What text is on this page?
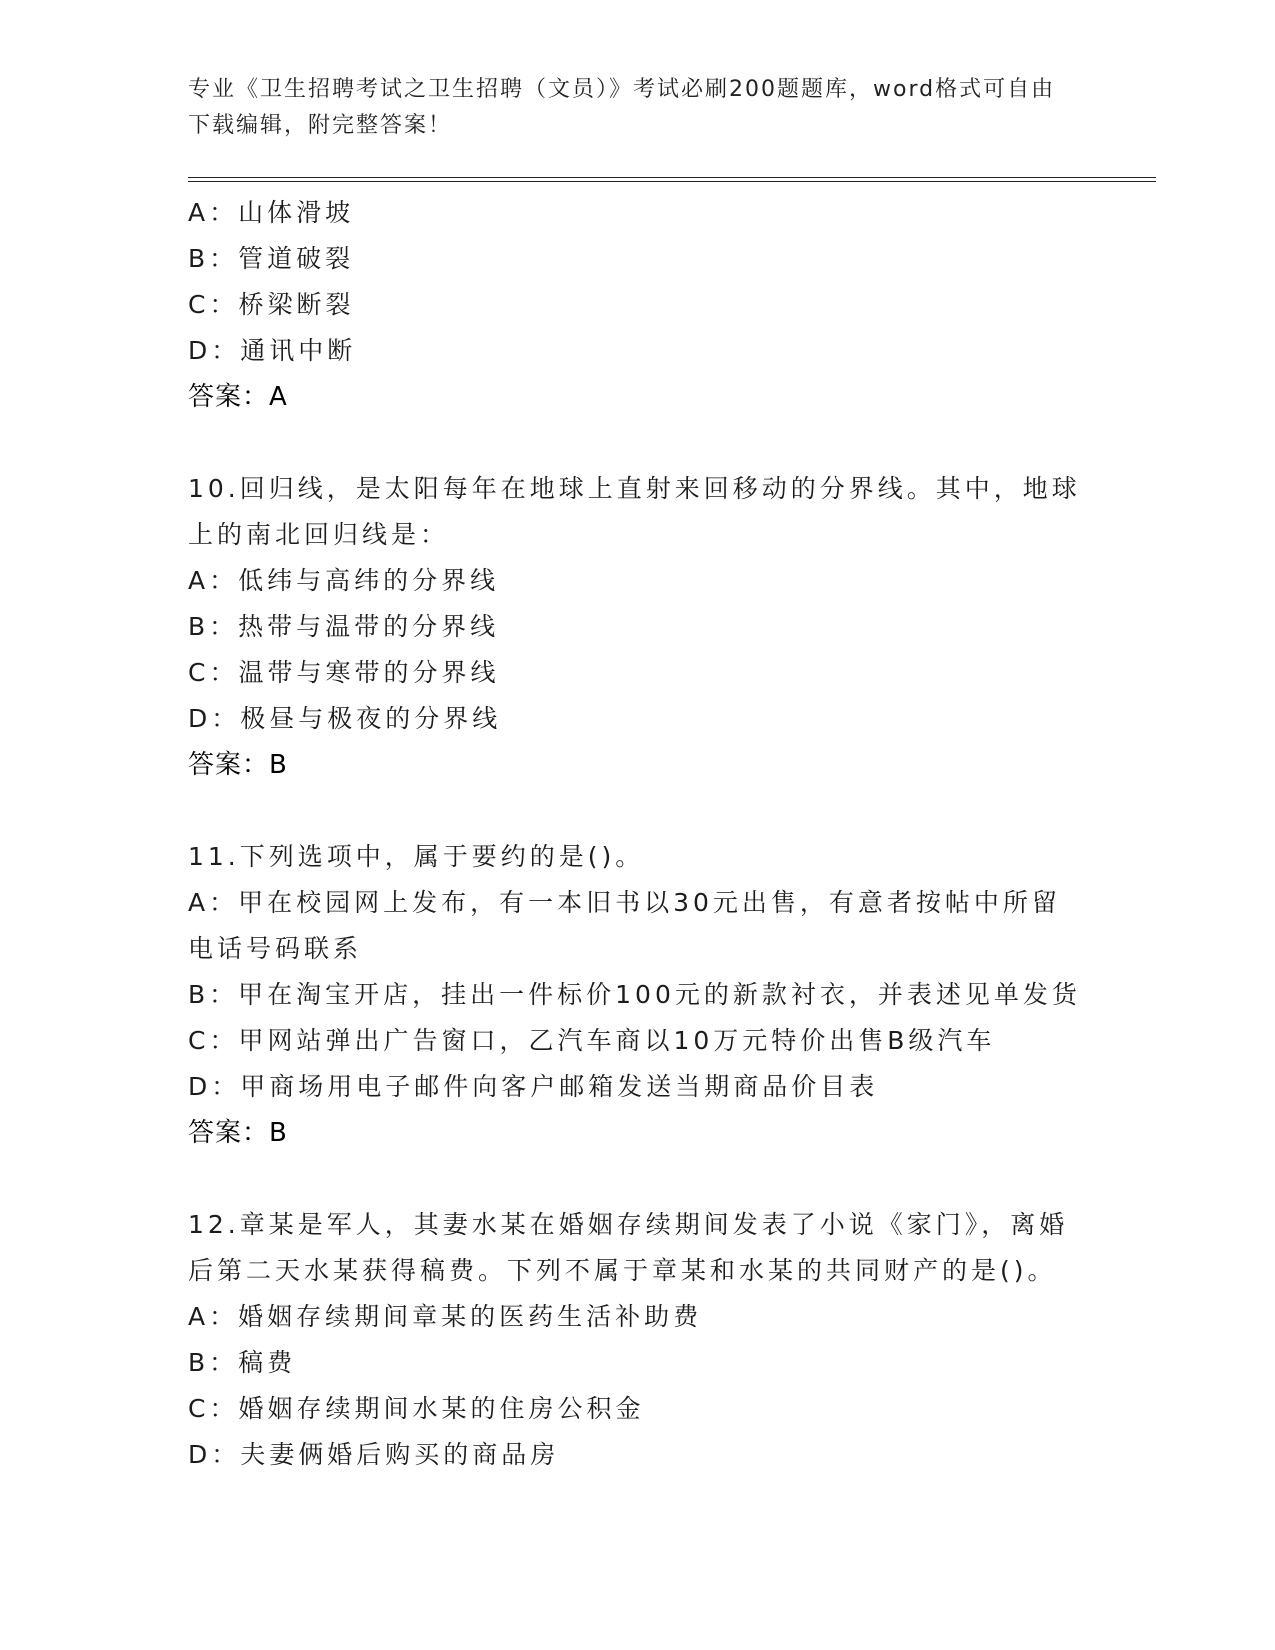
专业《卫生招聘考试之卫生招聘（文员）》考试必刷200题题库，word格式可自由下载编辑，附完整答案！
A：山体滑坡
B：管道破裂
C：桥梁断裂
D：通讯中断
答案：A
10.回归线，是太阳每年在地球上直射来回移动的分界线。其中，地球上的南北回归线是：
A：低纬与高纬的分界线
B：热带与温带的分界线
C：温带与寒带的分界线
D：极昼与极夜的分界线
答案：B
11.下列选项中，属于要约的是()。
A：甲在校园网上发布，有一本旧书以30元出售，有意者按帖中所留电话号码联系
B：甲在淘宝开店，挂出一件标价100元的新款衬衣，并表述见单发货
C：甲网站弹出广告窗口，乙汽车商以10万元特价出售B级汽车
D：甲商场用电子邮件向客户邮箱发送当期商品价目表
答案：B
12.章某是军人，其妻水某在婚姻存续期间发表了小说《家门》，离婚后第二天水某获得稿费。下列不属于章某和水某的共同财产的是()。
A：婚姻存续期间章某的医药生活补助费
B：稿费
C：婚姻存续期间水某的住房公积金
D：夫妻俩婚后购买的商品房
